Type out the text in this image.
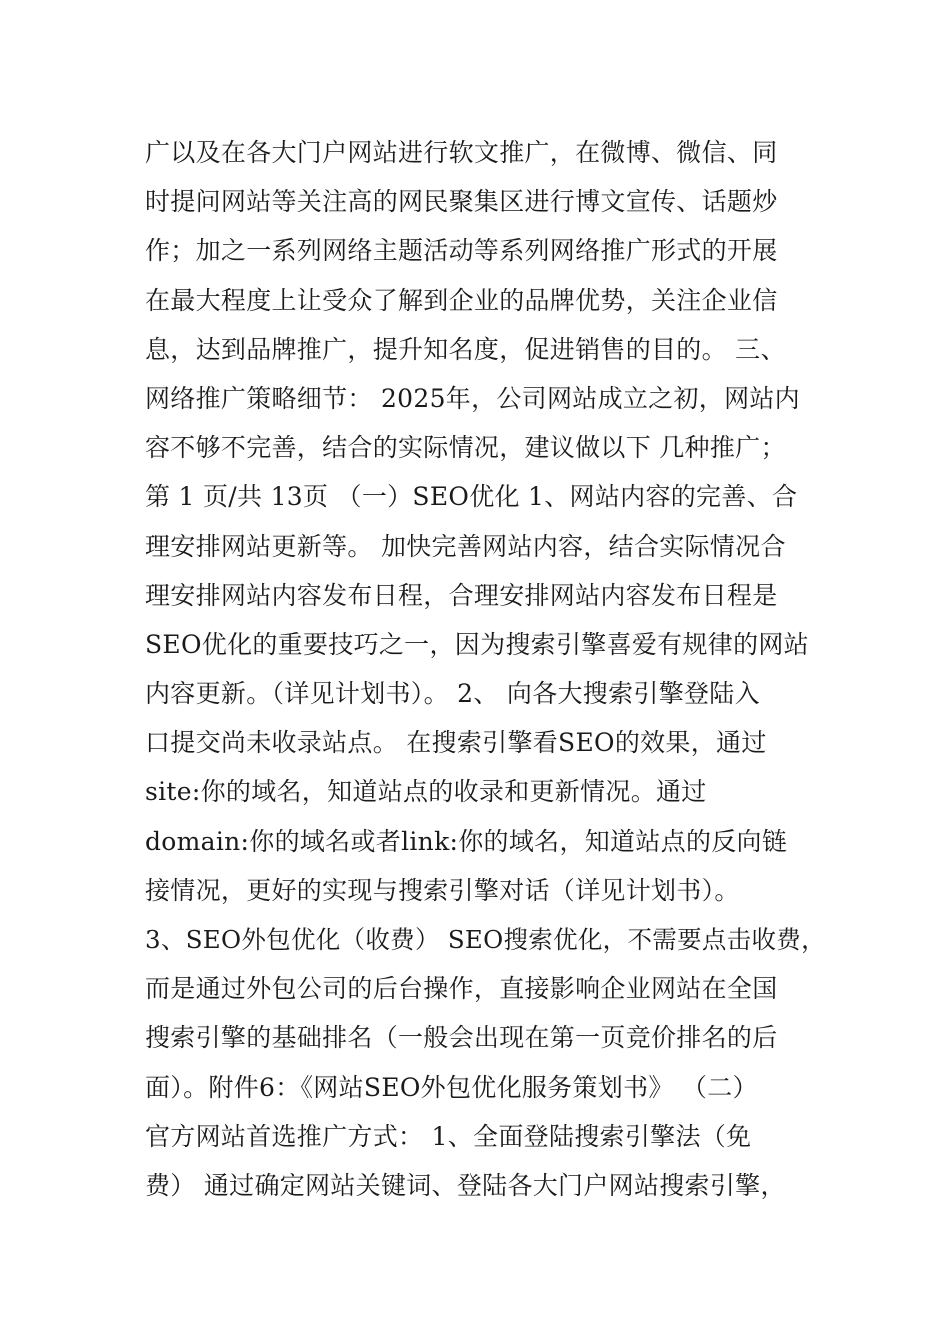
广以及在各大门户网站进行软文推广，在微博、微信、同
时提问网站等关注高的网民聚集区进行博文宣传、话题炒
作；加之一系列网络主题活动等系列网络推广形式的开展
在最大程度上让受众了解到企业的品牌优势，关注企业信
息，达到品牌推广，提升知名度，促进销售的目的。 三、
网络推广策略细节： 2025年，公司网站成立之初，网站内
容不够不完善，结合的实际情况，建议做以下 几种推广；
第 1 页/共 13页 （一）SEO优化 1、网站内容的完善、合
理安排网站更新等。 加快完善网站内容，结合实际情况合
理安排网站内容发布日程，合理安排网站内容发布日程是
SEO优化的重要技巧之一，因为搜索引擎喜爱有规律的网站
内容更新。（详见计划书）。 2、 向各大搜索引擎登陆入
口提交尚未收录站点。 在搜索引擎看SEO的效果，通过
site:你的域名，知道站点的收录和更新情况。通过
domain:你的域名或者link:你的域名，知道站点的反向链
接情况，更好的实现与搜索引擎对话（详见计划书）。
3、SEO外包优化（收费） SEO搜索优化，不需要点击收费，
而是通过外包公司的后台操作，直接影响企业网站在全国
搜索引擎的基础排名（一般会出现在第一页竞价排名的后
面）。附件6：《网站SEO外包优化服务策划书》 （二）
官方网站首选推广方式： 1、全面登陆搜索引擎法（免
费） 通过确定网站关键词、登陆各大门户网站搜索引擎，
